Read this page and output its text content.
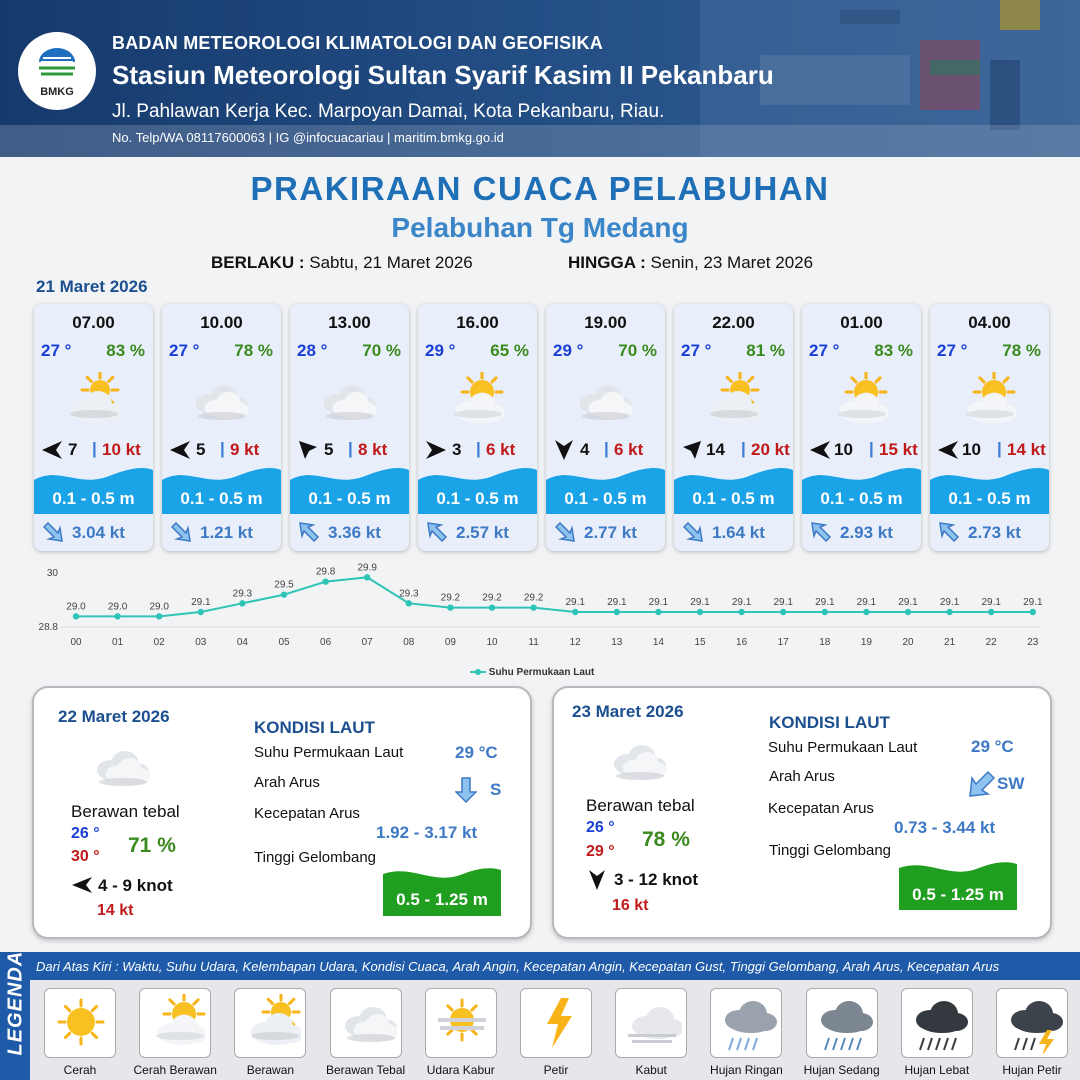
BMKG
BADAN METEOROLOGI KLIMATOLOGI DAN GEOFISIKA
Stasiun Meteorologi Sultan Syarif Kasim II Pekanbaru
Jl. Pahlawan Kerja Kec. Marpoyan Damai, Kota Pekanbaru, Riau.
No. Telp/WA 08117600063 | IG @infocuacariau | maritim.bmkg.go.id
PRAKIRAAN CUACA PELABUHAN
Pelabuhan Tg Medang
BERLAKU : Sabtu, 21 Maret 2026	HINGGA : Senin, 23 Maret 2026
21 Maret 2026
07.00
27 ° 83 %
7 | 10 kt
0.1 - 0.5 m
3.04 kt
10.00
27 ° 78 %
5 | 9 kt
0.1 - 0.5 m
1.21 kt
13.00
28 ° 70 %
5 | 8 kt
0.1 - 0.5 m
3.36 kt
16.00
29 ° 65 %
3 | 6 kt
0.1 - 0.5 m
2.57 kt
19.00
29 ° 70 %
4 | 6 kt
0.1 - 0.5 m
2.77 kt
22.00
27 ° 81 %
14 | 20 kt
0.1 - 0.5 m
1.64 kt
01.00
27 ° 83 %
10 | 15 kt
0.1 - 0.5 m
2.93 kt
04.00
27 ° 78 %
10 | 14 kt
0.1 - 0.5 m
2.73 kt
30
28.8
29.0
00
29.0
01
29.0
02
29.1
03
29.3
04
29.5
05
29.8
06
29.9
07
29.3
08
29.2
09
29.2
10
29.2
11
29.1
12
29.1
13
29.1
14
29.1
15
29.1
16
29.1
17
29.1
18
29.1
19
29.1
20
29.1
21
29.1
22
29.1
23
Suhu Permukaan Laut
22 Maret 2026
Berawan tebal
26 °
30 ° 71 %
4 - 9 knot
14 kt
KONDISI LAUT
Suhu Permukaan Laut	29 °C
Arah Arus	S
Kecepatan Arus
1.92 - 3.17 kt
Tinggi Gelombang
0.5 - 1.25 m
23 Maret 2026
Berawan tebal
26 °
29 °
78 %
3 - 12 knot
16 kt
KONDISI LAUT
Suhu Permukaan Laut	29 °C
Arah Arus	SW
Kecepatan Arus
0.73 - 3.44 kt
Tinggi Gelombang
0.5 - 1.25 m
LEGENDA Dari Atas Kiri : Waktu, Suhu Udara, Kelembapan Udara, Kondisi Cuaca, Arah Angin, Kecepatan Angin, Kecepatan Gust, Tinggi Gelombang, Arah Arus, Kecepatan Arus
Cerah	Cerah Berawan	Berawan	Berawan Tebal	Udara Kabur	Petir	Kabut	Hujan Ringan	Hujan Sedang	Hujan Lebat	Hujan Petir
